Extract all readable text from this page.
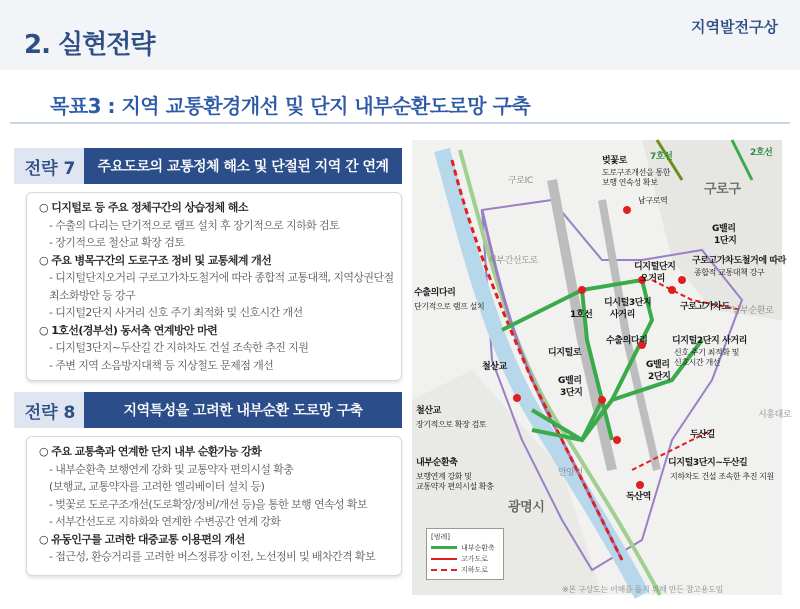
2. 실현전략
지역발전구상
목표3 : 지역 교통환경개선 및 단지 내부순환도로망 구축
전략 7	주요도로의 교통정체 해소 및 단절된 지역 간 연계
○ 디지털로 등 주요 정체구간의 상습정체 해소
- 수출의 다리는 단기적으로 램프 설치 후 장기적으로 지하화 검토
- 장기적으로 철산교 확장 검토
○ 주요 병목구간의 도로구조 정비 및 교통체계 개선
- 디지털단지오거리 구로고가차도철거에 따라 종합적 교통대책, 지역상권단절
최소화방안 등 강구
- 디지털2단지 사거리 신호 주기 최적화 및 신호시간 개선
○ 1호선(경부선) 동서축 연계방안 마련
- 디지털3단지~두산길 간 지하차도 건설 조속한 추진 지원
- 주변 지역 소음방지대책 등 지상철도 문제점 개선
전략 8	지역특성을 고려한 내부순환 도로망 구축
○ 주요 교통축과 연계한 단지 내부 순환가능 강화
- 내부순환축 보행연계 강화 및 교통약자 편의시설 확충
(보행교, 교통약자를 고려한 엘리베이터 설치 등)
- 벚꽃로 도로구조개선(도로확장/정비/개선 등)을 통한 보행 연속성 확보
- 서부간선도로 지하화와 연계한 수변공간 연계 강화
○ 유동인구를 고려한 대중교통 이용편의 개선
- 접근성, 환승거리를 고려한 버스정류장 이전, 노선정비 및 배차간격 확보
벚꽃로
도로구조개선을 통한
보행 연속성 확보
남구로역
구로IC
구로구
7호선	2호선
G밸리
1단지
디지털단지
오거리
구로고가차도철거에 따라
종합적 교통대책 강구
구로고가차도 남부순환로
수출의다리
단기적으로 램프 설치	디시털3단지
사거리
1호선
수출의다리	디지털2단지 사거리
신호 주기 최적화 및
신호시간 개선
G밸리
2단지
디지털로
G밸리
3단지
철산교
서부간선도로
철산교
장기적으로 확장 검토
두산길
시흥대로
내부순환축
보행연계 강화 및
교통약자 편의시설 확충
안양천
독산역
광명시
디지털3단지~두산길
지하차도 건설 조속한 추진 지원
[범례]
내부순환축
고가도로
지하도로
※본 구상도는 이해를 돕기 위해 만든 참고용도임
